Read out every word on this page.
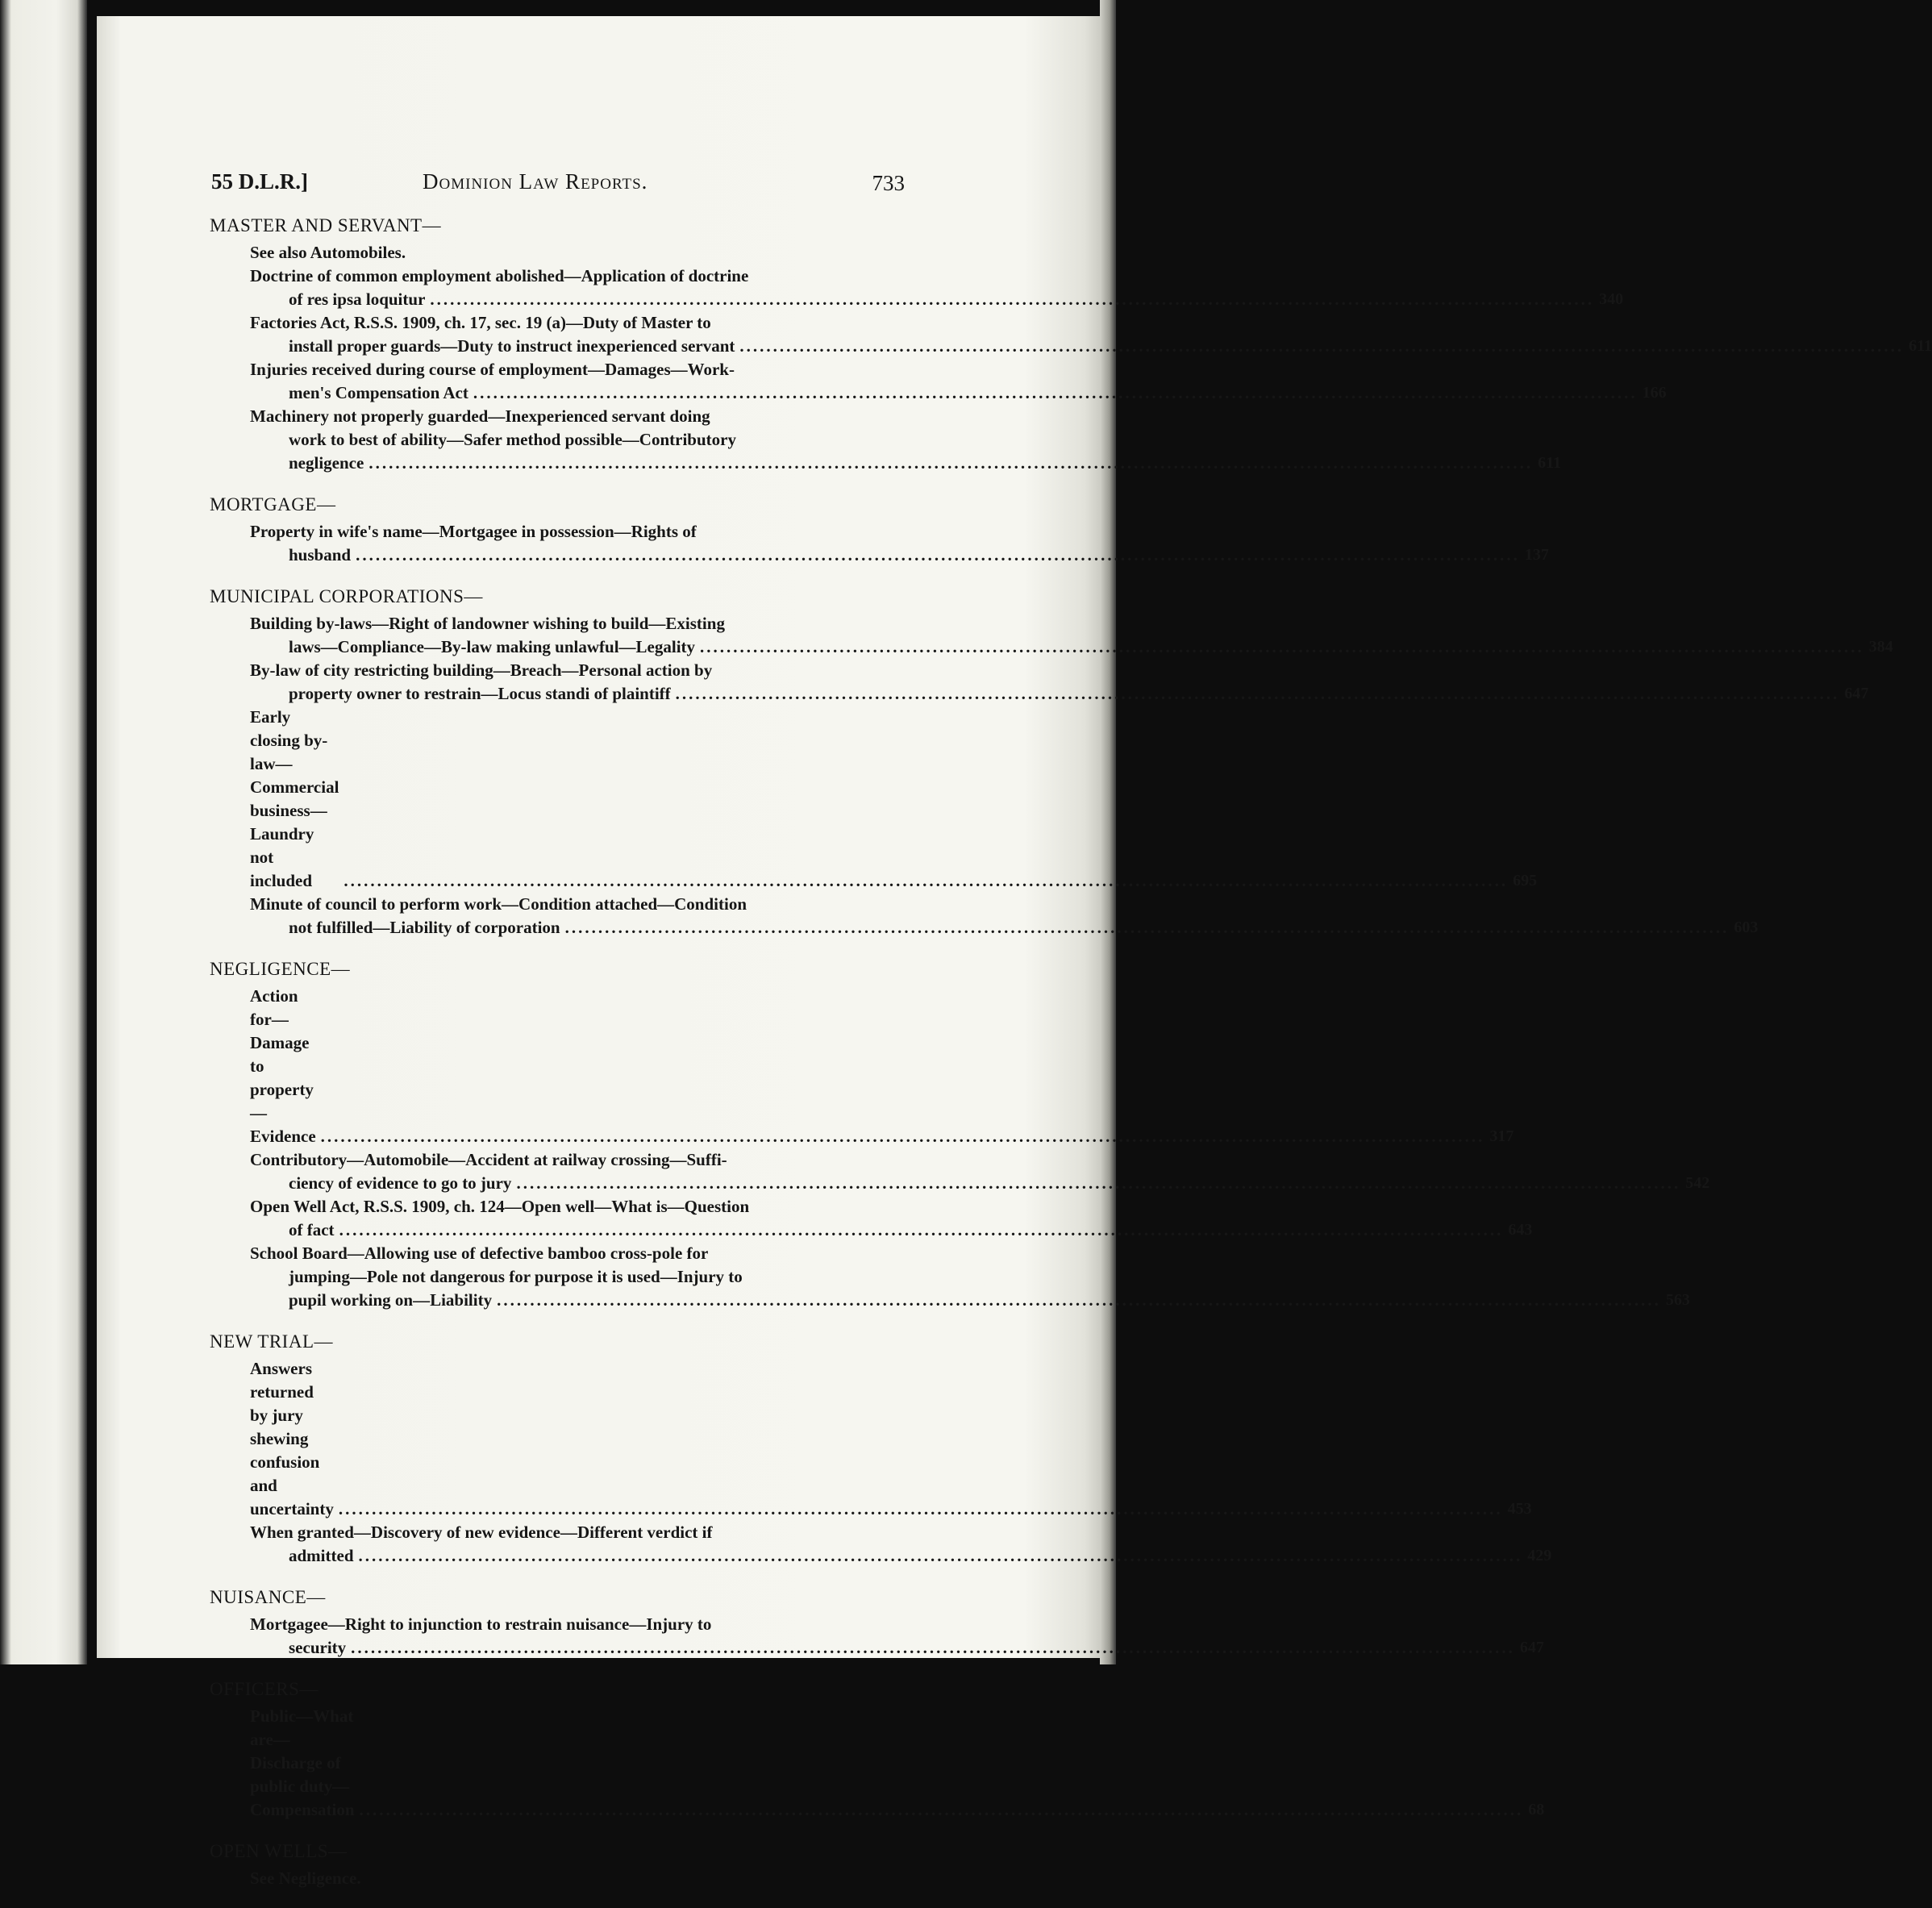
55 D.L.R.]	Dominion Law Reports.	733
MASTER AND SERVANT—
See also Automobiles.
Doctrine of common employment abolished—Application of doctrine
of res ipsa loquitur .....	340
Factories Act, R.S.S. 1909, ch. 17, sec. 19 (a)—Duty of Master to
install proper guards—Duty to instruct inexperienced servant .....	611
Injuries received during course of employment—Damages—Work-
men's Compensation Act .....	166
Machinery not properly guarded—Inexperienced servant doing
work to best of ability—Safer method possible—Contributory
negligence .....	611
MORTGAGE—
Property in wife's name—Mortgagee in possession—Rights of
husband .....	137
MUNICIPAL CORPORATIONS—
Building by-laws—Right of landowner wishing to build—Existing
laws—Compliance—By-law making unlawful—Legality .....	384
By-law of city restricting building—Breach—Personal action by
property owner to restrain—Locus standi of plaintiff .....	647
Early closing by-law—Commercial business—Laundry not included .....	695
Minute of council to perform work—Condition attached—Condition
not fulfilled—Liability of corporation .....	603
NEGLIGENCE—
Action for—Damage to property—Evidence .....	317
Contributory—Automobile—Accident at railway crossing—Suffi-
ciency of evidence to go to jury .....	542
Open Well Act, R.S.S. 1909, ch. 124—Open well—What is—Question
of fact .....	643
School Board—Allowing use of defective bamboo cross-pole for
jumping—Pole not dangerous for purpose it is used—Injury to
pupil working on—Liability .....	563
NEW TRIAL—
Answers returned by jury shewing confusion and uncertainty .....	453
When granted—Discovery of new evidence—Different verdict if
admitted .....	429
NUISANCE—
Mortgagee—Right to injunction to restrain nuisance—Injury to
security .....	647
OFFICERS—
Public—What are—Discharge of public duty—Compensation .....	68
OPEN WELLS—
See Negligence.
